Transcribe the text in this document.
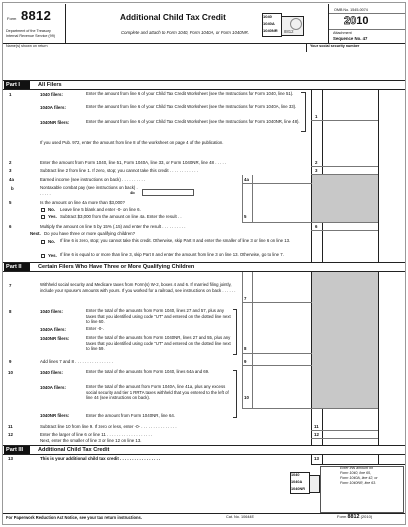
Form 8812
Department of the Treasury
Internal Revenue Service (99)
Additional Child Tax Credit	1040
1040A
1040NR 8812
Complete and attach to Form 1040, Form 1040A, or Form 1040NR.
OMB No. 1545-0074
2010
Attachment
Sequence No. 47
Name(s) shown on return	Your social security number
Part I	All Filers
1	1040 filers:	Enter the amount from line 6 of your Child Tax Credit Worksheet (see the Instructions for Form 1040, line 51).
1040A filers:	Enter the amount from line 6 of your Child Tax Credit Worksheet (see the Instructions for Form 1040A, line 33).
1040NR filers:	Enter the amount from line 6 of your Child Tax Credit Worksheet (see the Instructions for Form 1040NR, line 48).
1
If you used Pub. 972, enter the amount from line 8 of the worksheet on page 4 of the publication.
2	Enter the amount from Form 1040, line 51, Form 1040A, line 33, or Form 1040NR, line 48 . . . . .	2
3	Subtract line 2 from line 1. If zero, stop; you cannot take this credit . . . . . . . . . . . .	3
4a	Earned income (see instructions on back) . . . . . . . . . .	4a
b	Nontaxable combat pay (see instructions on back) . . . . . .	4b
5	Is the amount on line 4a more than $3,000?
No. Leave line 5 blank and enter -0- on line 6.
Yes. Subtract $3,000 from the amount on line 4a. Enter the result . .	5
6	Multiply the amount on line 5 by 15% (.15) and enter the result . . . . . . . . . .	6
Next. Do you have three or more qualifying children?
No. If line 6 is zero, stop; you cannot take this credit. Otherwise, skip Part II and enter the smaller of line 3 or line 6 on line 13.
Yes. If line 6 is equal to or more than line 3, skip Part II and enter the amount from line 3 on line 13. Otherwise, go to line 7.
Part II	Certain Filers Who Have Three or More Qualifying Children
7	Withheld social security and Medicare taxes from Form(s) W-2, boxes 4 and 6. If married filing jointly, include your spouse's amounts with yours. If you worked for a railroad, see instructions on back . . . . . .
7
8	1040 filers:	Enter the total of the amounts from Form 1040, lines 27 and 57, plus any taxes that you identified using code "UT" and entered on the dotted line next to line 60.
1040A filers:	Enter -0-.
1040NR filers:	Enter the total of the amounts from Form 1040NR, lines 27 and 55, plus any taxes that you identified using code "UT" and entered on the dotted line next to line 59.	8
9	Add lines 7 and 8 . . . . . . . . . . . . . . . .	9
10	1040 filers:	Enter the total of the amounts from Form 1040, lines 64a and 69.
1040A filers:	Enter the total of the amount from Form 1040A, line 41a, plus any excess social security and tier 1 RRTA taxes withheld that you entered to the left of line 44 (see instructions on back).
1040NR filers:	Enter the amount from Form 1040NR, line 64.
10
11	Subtract line 10 from line 9. If zero or less, enter -0- . . . . . . . . . . . . . . .	11
12	Enter the larger of line 6 or line 11 . . . . . . . . . . . . . . . . . . .	12
Next, enter the smaller of line 3 or line 12 on line 13.
Part III	Additional Child Tax Credit
13	This is your additional child tax credit . . . . . . . . . . . . . . . . .	13
Enter this amount on
Form 1040, line 65,
Form 1040A, line 42, or
Form 1040NR, line 63.
1040
1040A
1040NR
For Paperwork Reduction Act Notice, see your tax return instructions.	Cat. No. 10644E	Form 8812 (2010)
